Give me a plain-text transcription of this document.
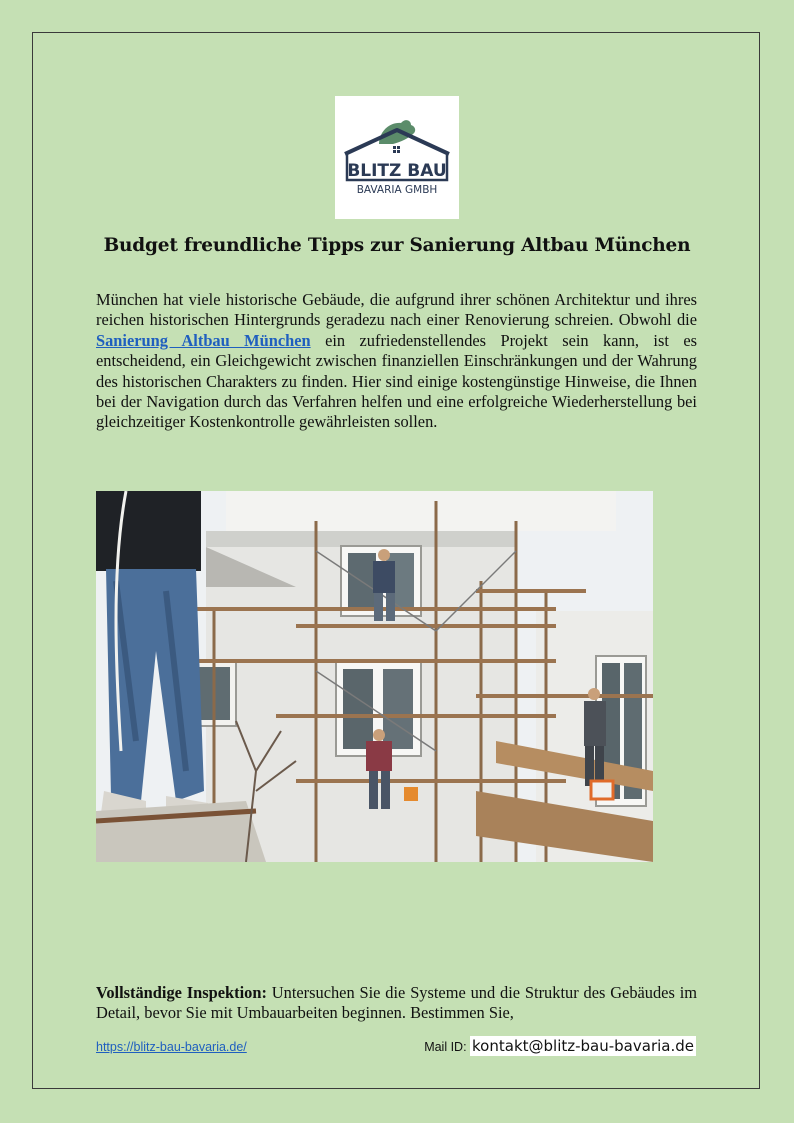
BLITZ BAU
BAVARIA GMBH
Budget freundliche Tipps zur Sanierung Altbau München

München hat viele historische Gebäude, die aufgrund ihrer schönen Architektur und ihres reichen historischen Hintergrunds geradezu nach einer Renovierung schreien. Obwohl die Sanierung Altbau München ein zufriedenstellendes Projekt sein kann, ist es entscheidend, ein Gleichgewicht zwischen finanziellen Einschränkungen und der Wahrung des historischen Charakters zu finden. Hier sind einige kostengünstige Hinweise, die Ihnen bei der Navigation durch das Verfahren helfen und eine erfolgreiche Wiederherstellung bei gleichzeitiger Kostenkontrolle gewährleisten sollen.

Vollständige Inspektion: Untersuchen Sie die Systeme und die Struktur des Gebäudes im Detail, bevor Sie mit Umbauarbeiten beginnen. Bestimmen Sie,

https://blitz-bau-bavaria.de/	Mail ID: kontakt@blitz-bau-bavaria.de
